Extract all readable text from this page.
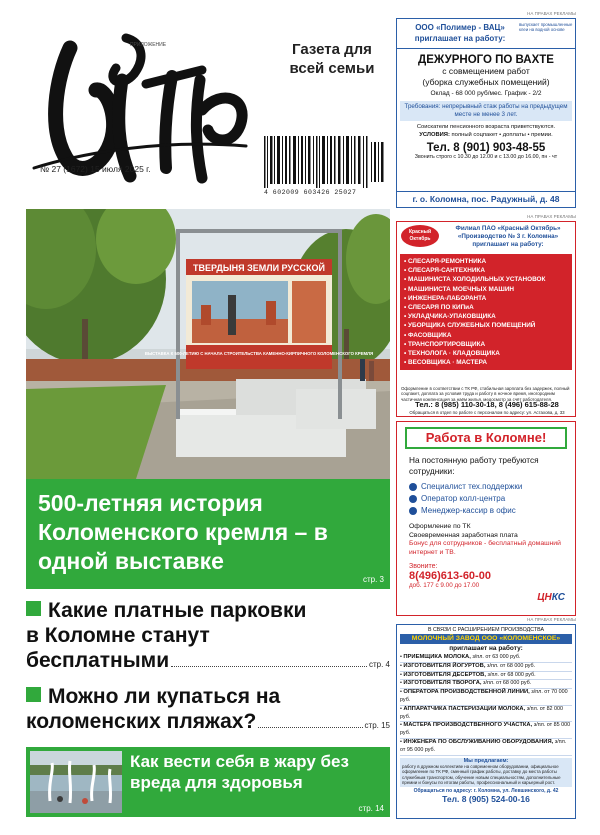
ПРИЛОЖЕНИЕ	Газета для
всей семьи
№ 27 (1672) 15 июля 2025 г.
4 602009 603426 25027
ТВЕРДЫНЯ ЗЕМЛИ РУССКОЙ
ВЫСТАВКА К 500-ЛЕТИЮ С НАЧАЛА СТРОИТЕЛЬСТВА КАМЕННО-КИРПИЧНОГО КОЛОМЕНСКОГО КРЕМЛЯ
500-летняя история Коломенского кремля – в одной выставке
стр. 3
Какие платные парковки
в Коломне станут
бесплатными	стр. 4
Можно ли купаться на
коломенских пляжах?	стр. 15
Как вести себя в жару без вреда для здоровья
стр. 14
НА ПРАВАХ РЕКЛАМЫ
ООО «Полимер - ВАЦ»
приглашает на работу:
выпускает промышленные клеи на водной основе
ДЕЖУРНОГО ПО ВАХТЕ
с совмещением работ
(уборка служебных помещений)
Оклад - 68 000 руб/мес. График - 2/2
Требования: непрерывный стаж работы на предыдущем месте не менее 3 лет.
Соискатели пенсионного возраста приветствуются.
УСЛОВИЯ: полный соцпакет • доплаты • премии.
Тел. 8 (901) 903-48-55
Звонить строго с 10.30 до 12.00 и с 13.00 до 16.00, пн - чт
г. о. Коломна, пос. Радужный, д. 48
НА ПРАВАХ РЕКЛАМЫ
Красный Октябрь
Филиал ПАО «Красный Октябрь» «Производство № 3 г. Коломна» приглашает на работу:
• СЛЕСАРЯ-РЕМОНТНИКА
• СЛЕСАРЯ-САНТЕХНИКА
• МАШИНИСТА ХОЛОДИЛЬНЫХ УСТАНОВОК
• МАШИНИСТА МОЕЧНЫХ МАШИН
• ИНЖЕНЕРА-ЛАБОРАНТА
• СЛЕСАРЯ ПО КИПиА
• УКЛАДЧИКА-УПАКОВЩИКА
• УБОРЩИКА СЛУЖЕБНЫХ ПОМЕЩЕНИЙ
• ФАСОВЩИКА
• ТРАНСПОРТИРОВЩИКА
• ТЕХНОЛОГА · КЛАДОВЩИКА
• ВЕСОВЩИКА · МАСТЕРА
Оформление в соответствии с ТК РФ, стабильная зарплата без задержек, полный соцпакет, доплата за условия труда и работу в ночное время, иногородним частичная компенсация за наём жилья, медосмотр за счёт работодателя.
Тел.: 8 (985) 110-30-18, 8 (496) 615-88-28
Обращаться в отдел по работе с персоналом по адресу: ул. Астахова, д. 33
Работа в Коломне!
На постоянную работу требуются сотрудники:
Специалист тех.поддержки
Оператор колл-центра
Менеджер-кассир в офис
Оформление по ТК
Своевременная заработная плата
Бонус для сотрудников - бесплатный домашний интернет и ТВ.
Звоните:
8(496)613-60-00
доб. 177 с 9.00 до 17.00
ЦНКС
НА ПРАВАХ РЕКЛАМЫ
В СВЯЗИ С РАСШИРЕНИЕМ ПРОИЗВОДСТВА
МОЛОЧНЫЙ ЗАВОД ООО «КОЛОМЕНСКОЕ»
приглашает на работу:
• ПРИЕМЩИКА МОЛОКА, з/пл. от 63 000 руб.
• ИЗГОТОВИТЕЛЯ ЙОГУРТОВ, з/пл. от 68 000 руб.
• ИЗГОТОВИТЕЛЯ ДЕСЕРТОВ, з/пл. от 68 000 руб.
• ИЗГОТОВИТЕЛЯ ТВОРОГА, з/пл. от 68 000 руб.
• ОПЕРАТОРА ПРОИЗВОДСТВЕННОЙ ЛИНИИ, з/пл. от 70 000 руб.
• АППАРАТЧИКА ПАСТЕРИЗАЦИИ МОЛОКА, з/пл. от 82 000 руб.
• МАСТЕРА ПРОИЗВОДСТВЕННОГО УЧАСТКА, з/пл. от 85 000 руб.
• ИНЖЕНЕРА ПО ОБСЛУЖИВАНИЮ ОБОРУДОВАНИЯ, з/пл. от 95 000 руб.
Мы предлагаем:
работу в дружном коллективе на современном оборудовании, официальное оформление по ТК РФ, сменный график работы, доставку до места работы служебным транспортом, обучение новым специальностям, дополнительные премии и бонусы по итогам работы, профессиональный и карьерный рост.
Обращаться по адресу: г. Коломна, ул. Левшинского, д. 42
Тел. 8 (905) 524-00-16
